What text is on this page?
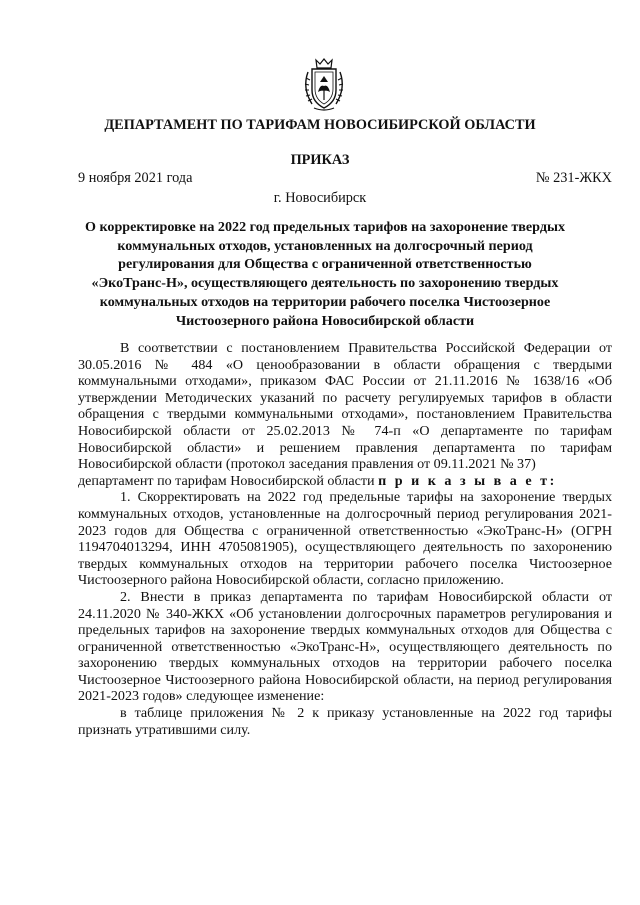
ДЕПАРТАМЕНТ ПО ТАРИФАМ НОВОСИБИРСКОЙ ОБЛАСТИ
ПРИКАЗ
9 ноября 2021 года	№ 231-ЖКХ
г. Новосибирск
О корректировке на 2022 год предельных тарифов на захоронение твердых коммунальных отходов, установленных на долгосрочный период регулирования для Общества с ограниченной ответственностью «ЭкоТранс-Н», осуществляющего деятельность по захоронению твердых коммунальных отходов на территории рабочего поселка Чистоозерное Чистоозерного района Новосибирской области

В соответствии с постановлением Правительства Российской Федерации от 30.05.2016 № 484 «О ценообразовании в области обращения с твердыми коммунальными отходами», приказом ФАС России от 21.11.2016 № 1638/16 «Об утверждении Методических указаний по расчету регулируемых тарифов в области обращения с твердыми коммунальными отходами», постановлением Правительства Новосибирской области от 25.02.2013 № 74-п «О департаменте по тарифам Новосибирской области» и решением правления департамента по тарифам Новосибирской области (протокол заседания правления от 09.11.2021 № 37)

департамент по тарифам Новосибирской области п р и к а з ы в а е т:

1. Скорректировать на 2022 год предельные тарифы на захоронение твердых коммунальных отходов, установленные на долгосрочный период регулирования 2021-2023 годов для Общества с ограниченной ответственностью «ЭкоТранс-Н» (ОГРН 1194704013294, ИНН 4705081905), осуществляющего деятельность по захоронению твердых коммунальных отходов на территории рабочего поселка Чистоозерное Чистоозерного района Новосибирской области, согласно приложению.

2. Внести в приказ департамента по тарифам Новосибирской области от 24.11.2020 № 340-ЖКХ «Об установлении долгосрочных параметров регулирования и предельных тарифов на захоронение твердых коммунальных отходов для Общества с ограниченной ответственностью «ЭкоТранс-Н», осуществляющего деятельность по захоронению твердых коммунальных отходов на территории рабочего поселка Чистоозерное Чистоозерного района Новосибирской области, на период регулирования 2021-2023 годов» следующее изменение:

в таблице приложения № 2 к приказу установленные на 2022 год тарифы признать утратившими силу.
